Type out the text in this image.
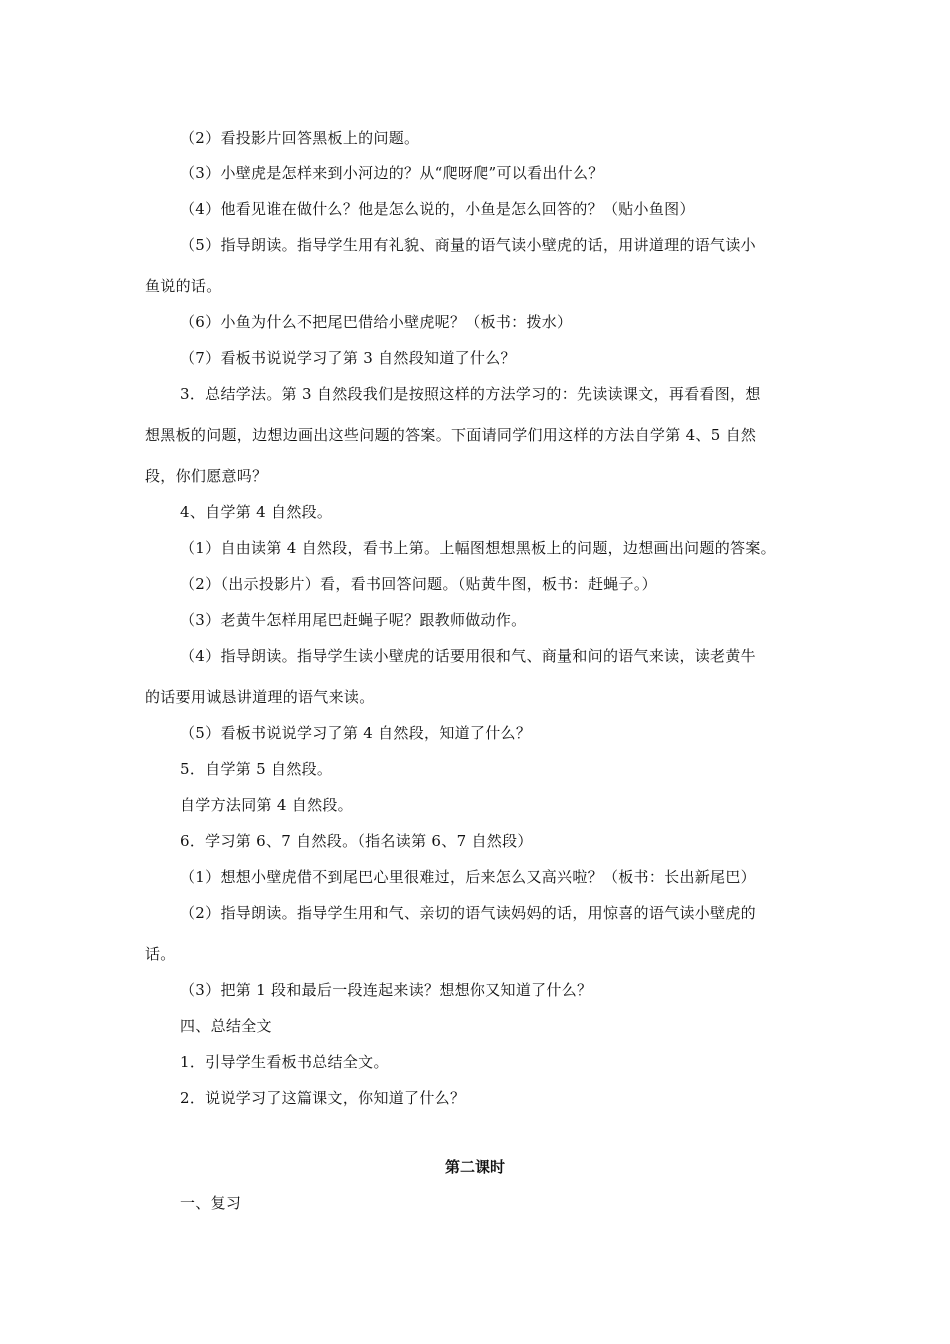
（2）看投影片回答黑板上的问题。
（3）小壁虎是怎样来到小河边的？从“爬呀爬”可以看出什么？
（4）他看见谁在做什么？他是怎么说的，小鱼是怎么回答的？（贴小鱼图）
（5）指导朗读。指导学生用有礼貌、商量的语气读小壁虎的话，用讲道理的语气读小
鱼说的话。
（6）小鱼为什么不把尾巴借给小壁虎呢？（板书：拨水）
（7）看板书说说学习了第 3 自然段知道了什么？
3．总结学法。第 3 自然段我们是按照这样的方法学习的：先读读课文，再看看图，想
想黑板的问题，边想边画出这些问题的答案。下面请同学们用这样的方法自学第 4、5 自然
段，你们愿意吗？
4、自学第 4 自然段。
（1）自由读第 4 自然段，看书上第。上幅图想想黑板上的问题，边想画出问题的答案。
（2）（出示投影片）看，看书回答问题。（贴黄牛图，板书：赶蝇子。）
（3）老黄牛怎样用尾巴赶蝇子呢？跟教师做动作。
（4）指导朗读。指导学生读小壁虎的话要用很和气、商量和问的语气来读，读老黄牛
的话要用诚恳讲道理的语气来读。
（5）看板书说说学习了第 4 自然段，知道了什么？
5．自学第 5 自然段。
自学方法同第 4 自然段。
6．学习第 6、7 自然段。（指名读第 6、7 自然段）
（1）想想小壁虎借不到尾巴心里很难过，后来怎么又高兴啦？（板书：长出新尾巴）
（2）指导朗读。指导学生用和气、亲切的语气读妈妈的话，用惊喜的语气读小壁虎的
话。
（3）把第 1 段和最后一段连起来读？想想你又知道了什么？
四、总结全文
1．引导学生看板书总结全文。
2．说说学习了这篇课文，你知道了什么？
第二课时
一、复习
